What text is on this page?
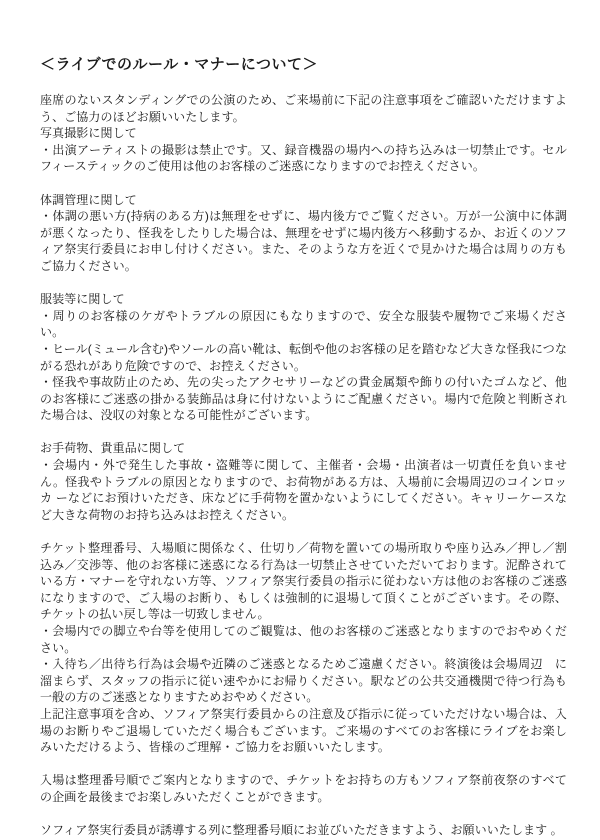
＜ライブでのルール・マナーについて＞
座席のないスタンディングでの公演のため、ご来場前に下記の注意事項をご確認いただけますよう、ご協力のほどお願いいたします。
写真撮影に関して
・出演アーティストの撮影は禁止です。又、録音機器の場内への持ち込みは一切禁止です。セルフィースティックのご使用は他のお客様のご迷惑になりますのでお控えください。
体調管理に関して
・体調の悪い方(持病のある方)は無理をせずに、場内後方でご覧ください。万が一公演中に体調が悪くなったり、怪我をしたりした場合は、無理をせずに場内後方へ移動するか、お近くのソフィア祭実行委員にお申し付けください。また、そのような方を近くで見かけた場合は周りの方もご協力ください。
服装等に関して
・周りのお客様のケガやトラブルの原因にもなりますので、安全な服装や履物でご来場ください。
・ヒール(ミュール含む)やソールの高い靴は、転倒や他のお客様の足を踏むなど大きな怪我につながる恐れがあり危険ですので、お控えください。
・怪我や事故防止のため、先の尖ったアクセサリーなどの貴金属類や飾りの付いたゴムなど、他のお客様にご迷惑の掛かる装飾品は身に付けないようにご配慮ください。場内で危険と判断された場合は、没収の対象となる可能性がございます。
お手荷物、貴重品に関して
・会場内・外で発生した事故・盗難等に関して、主催者・会場・出演者は一切責任を負いません。怪我やトラブルの原因となりますので、お荷物がある方は、入場前に会場周辺のコインロッカ ーなどにお預けいただき、床などに手荷物を置かないようにしてください。キャリーケースなど大きな荷物のお持ち込みはお控えください。
チケット整理番号、入場順に関係なく、仕切り／荷物を置いての場所取りや座り込み／押し／割込み／交渉等、他のお客様に迷惑になる行為は一切禁止させていただいております。泥酔されている方・マナーを守れない方等、ソフィア祭実行委員の指示に従わない方は他のお客様のご迷惑になりますので、ご入場のお断り、もしくは強制的に退場して頂くことがございます。その際、チケットの払い戻し等は一切致しません。
・会場内での脚立や台等を使用してのご観覧は、他のお客様のご迷惑となりますのでおやめください。
・入待ち／出待ち行為は会場や近隣のご迷惑となるためご遠慮ください。終演後は会場周辺　に溜まらず、スタッフの指示に従い速やかにお帰りください。駅などの公共交通機関で待つ行為も一般の方のご迷惑となりますためおやめください。
上記注意事項を含め、ソフィア祭実行委員からの注意及び指示に従っていただけない場合は、入場のお断りやご退場していただく場合もございます。ご来場のすべてのお客様にライブをお楽しみいただけるよう、皆様のご理解・ご協力をお願いいたします。
入場は整理番号順でご案内となりますので、チケットをお持ちの方もソフィア祭前夜祭のすべての企画を最後までお楽しみいただくことができます。
ソフィア祭実行委員が誘導する列に整理番号順にお並びいただきますよう、お願いいたします 。
